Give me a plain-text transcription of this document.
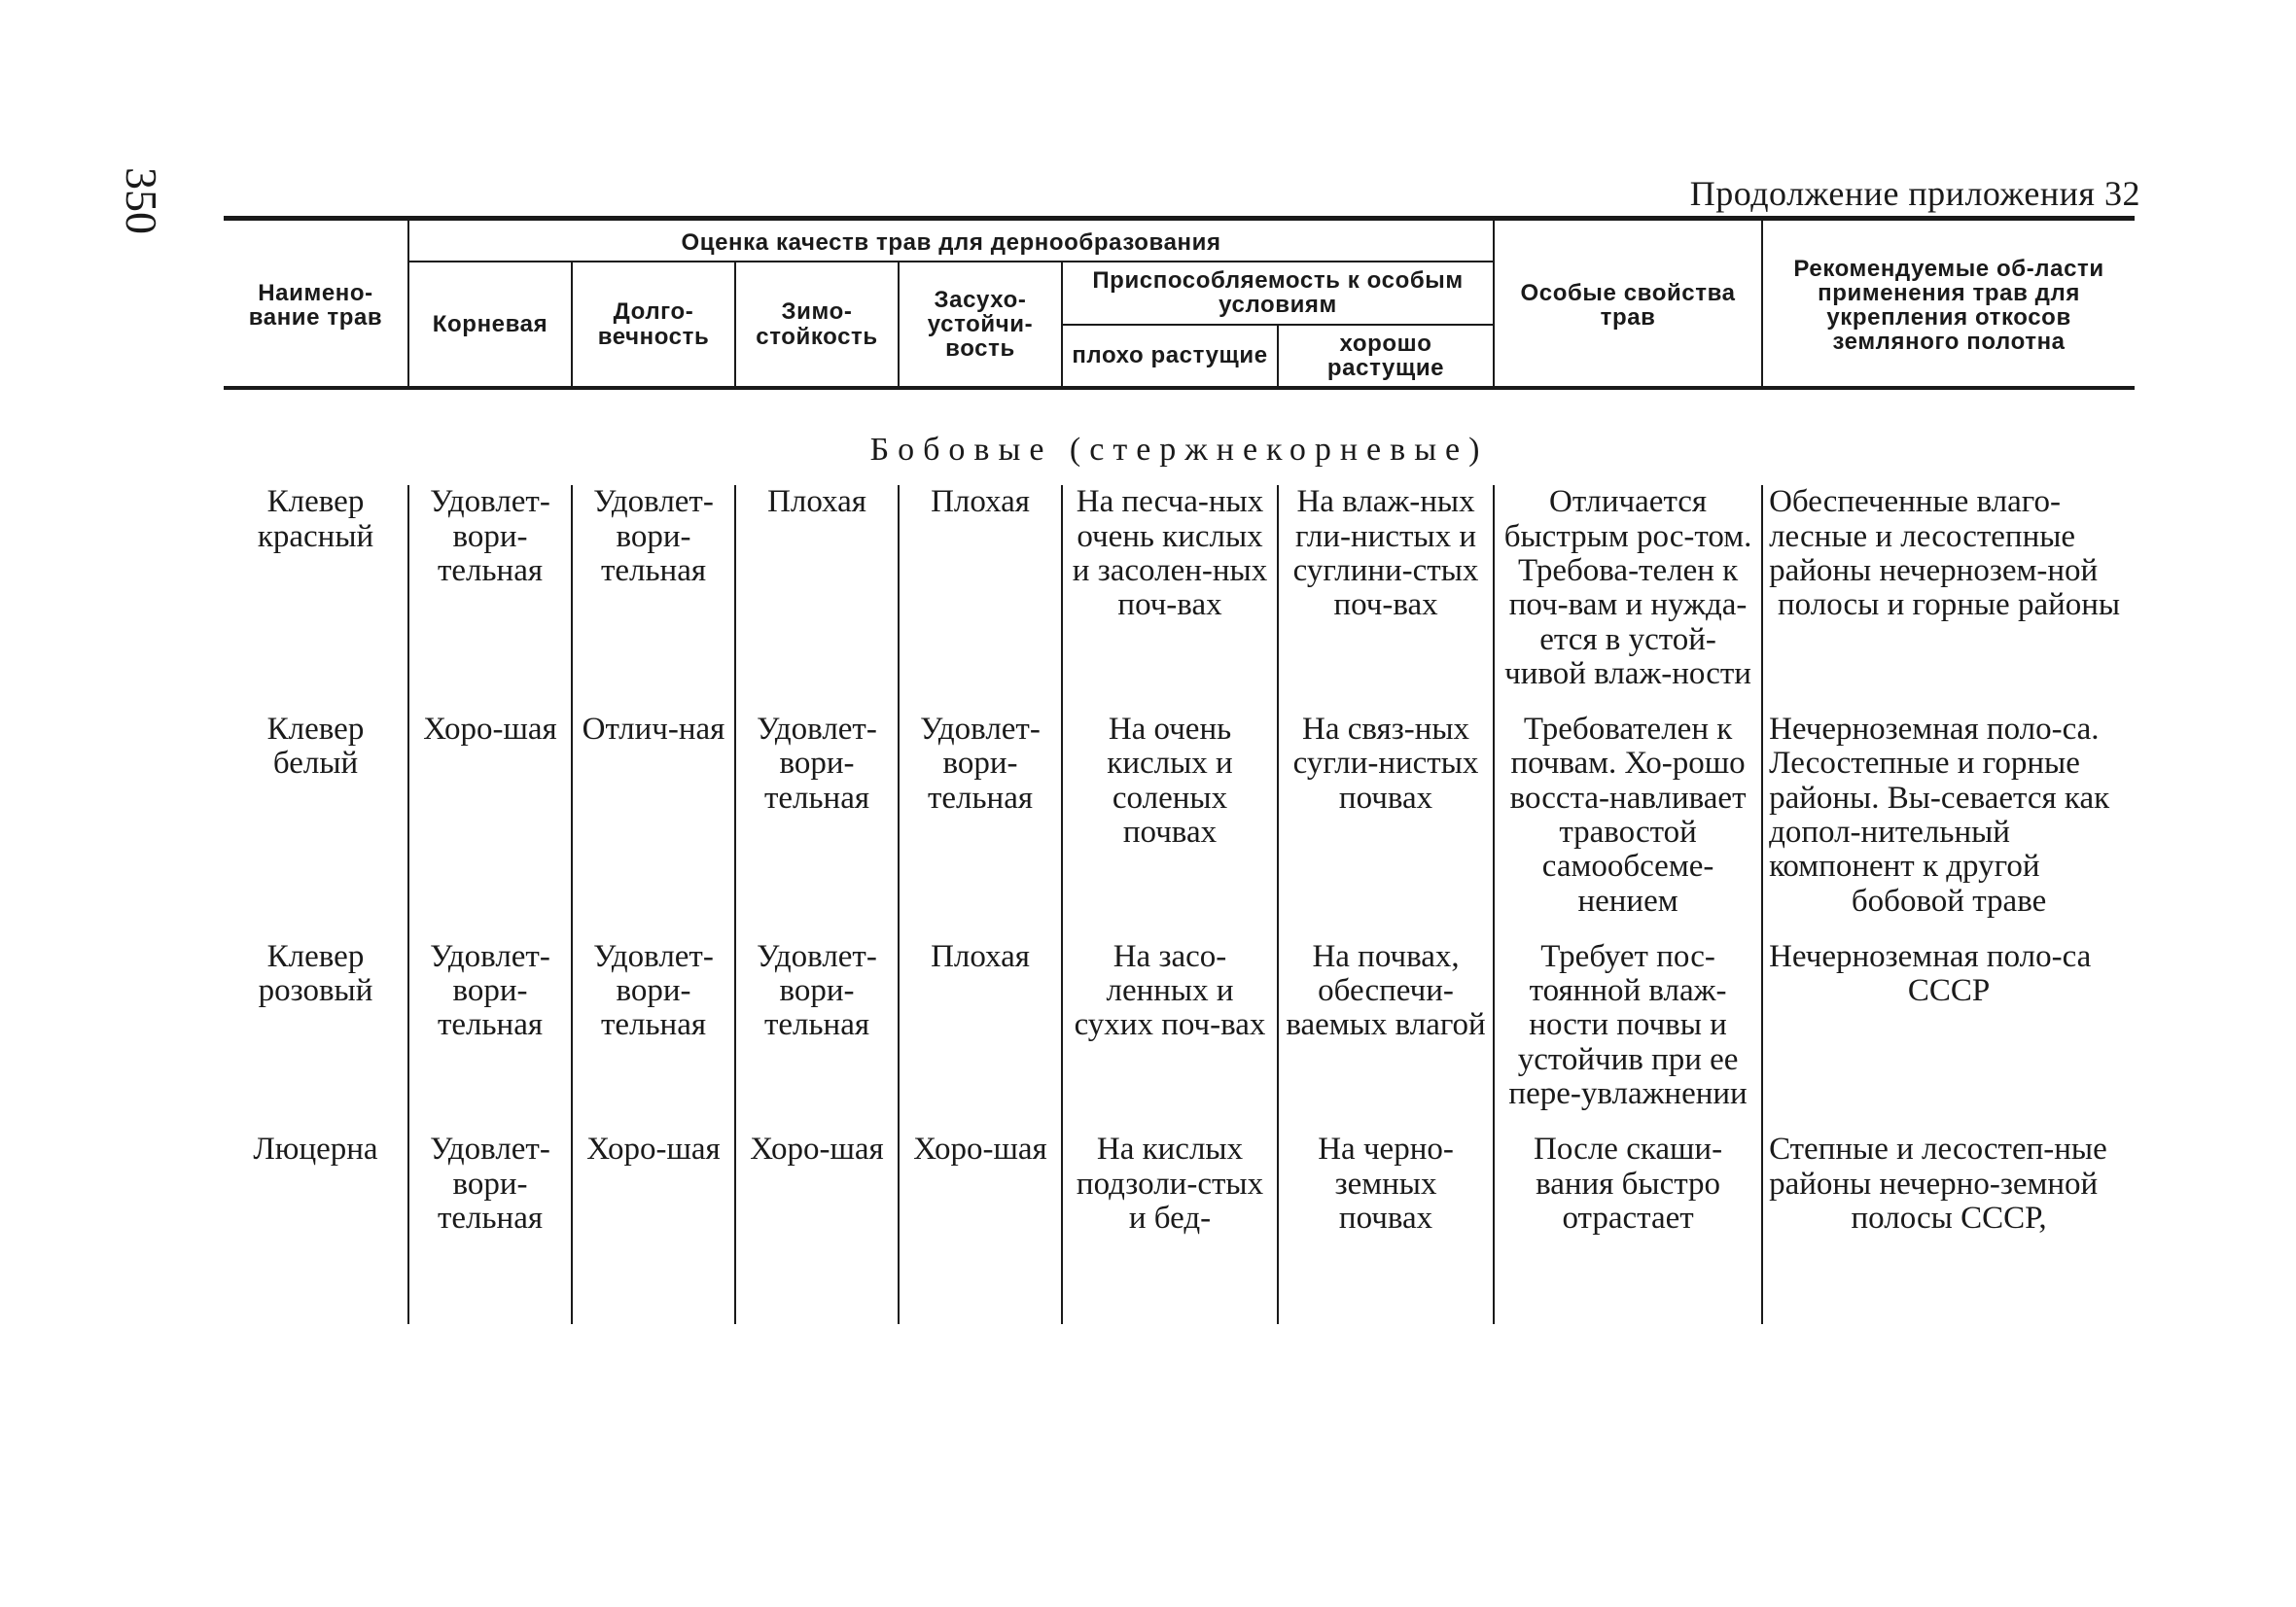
350	Продолжение приложения 32
Наимено-вание трав	Оценка качеств трав для дернообразования						Особые свойства трав	Рекомендуемые об-ласти применения трав для укрепления откосов земляного полотна
	Корневая	Долго-вечность	Зимо-стойкость	Засухо-устойчи-вость	Приспособляемость к особым условиям			
					плохо растущие	хорошо растущие		
Бобовые (стержнекорневые)								
Клевер красный	Удовлет-вори-тельная	Удовлет-вори-тельная	Плохая	Плохая	На песча-ных очень кислых и засолен-ных поч-вах	На влаж-ных гли-нистых и суглини-стых поч-вах	Отличается быстрым рос-том. Требова-телен к поч-вам и нужда-ется в устой-чивой влаж-ности	Обеспеченные влаго-лесные и лесостепные районы нечернозем-ной полосы и горные районы
Клевер белый	Хоро-шая	Отлич-ная	Удовлет-вори-тельная	Удовлет-вори-тельная	На очень кислых и соленых почвах	На связ-ных сугли-нистых почвах	Требователен к почвам. Хо-рошо восста-навливает травостой самообсеме-нением	Нечерноземная поло-са. Лесостепные и горные районы. Вы-севается как допол-нительный компонент к другой бобовой траве
Клевер розовый	Удовлет-вори-тельная	Удовлет-вори-тельная	Удовлет-вори-тельная	Плохая	На засо-ленных и сухих поч-вах	На почвах, обеспечи-ваемых влагой	Требует пос-тоянной влаж-ности почвы и устойчив при ее пере-увлажнении	Нечерноземная поло-са СССР
Люцерна	Удовлет-вори-тельная	Хоро-шая	Хоро-шая	Хоро-шая	На кислых подзоли-стых и бед-	На черно-земных почвах	После скаши-вания быстро отрастает	Степные и лесостеп-ные районы нечерно-земной полосы СССР,
